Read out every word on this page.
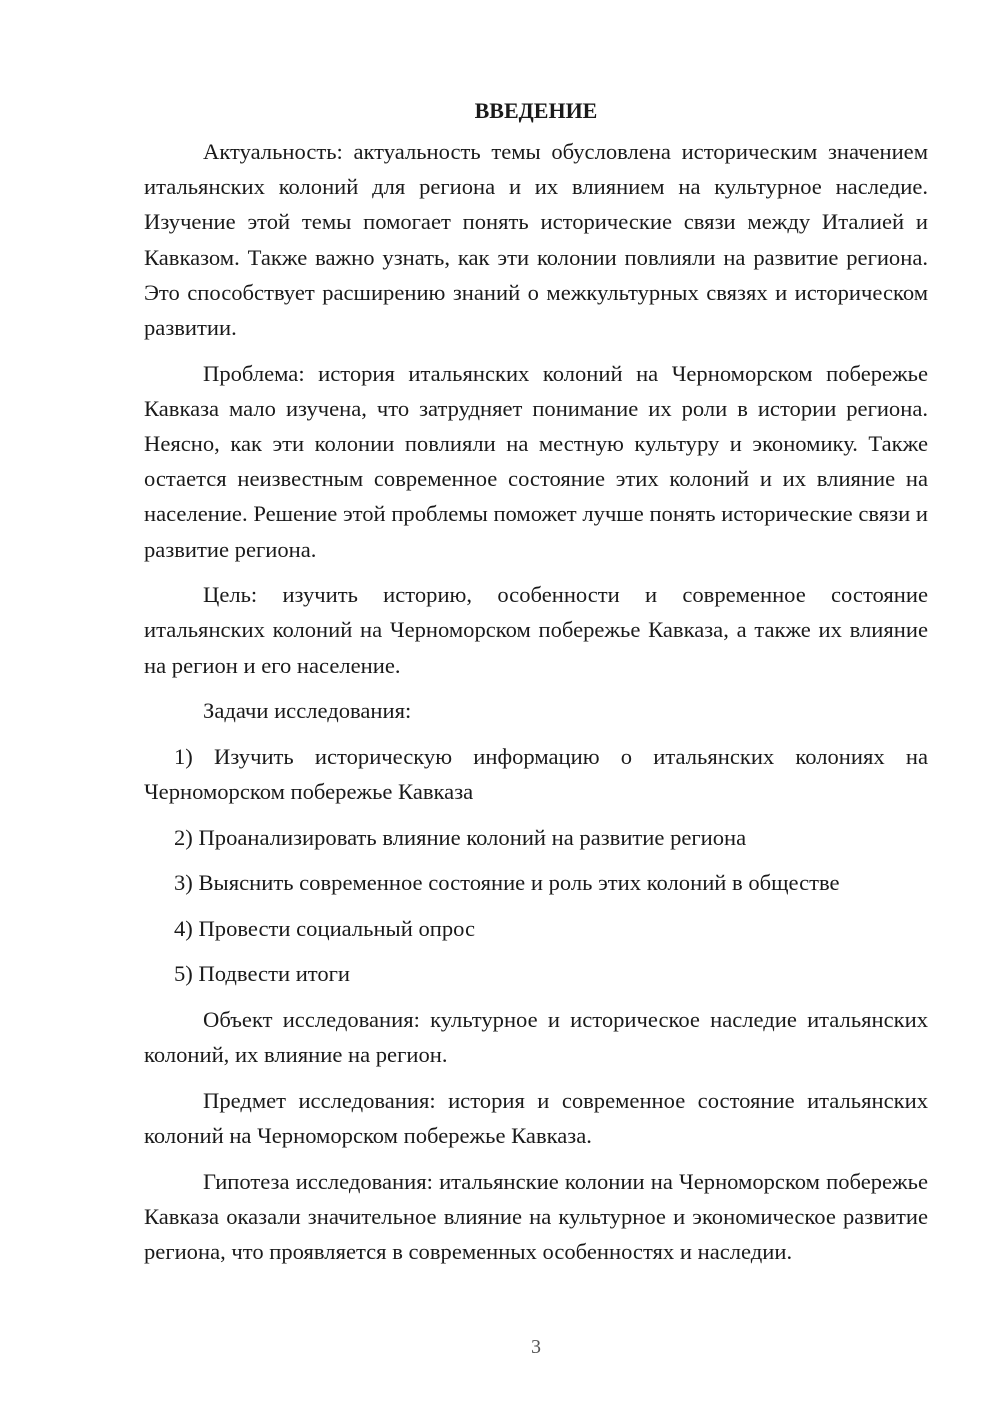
ВВЕДЕНИЕ

Актуальность: актуальность темы обусловлена историческим значением итальянских колоний для региона и их влиянием на культурное наследие. Изучение этой темы помогает понять исторические связи между Италией и Кавказом. Также важно узнать, как эти колонии повлияли на развитие региона. Это способствует расширению знаний о межкультурных связях и историческом развитии.

Проблема: история итальянских колоний на Черноморском побережье Кавказа мало изучена, что затрудняет понимание их роли в истории региона. Неясно, как эти колонии повлияли на местную культуру и экономику. Также остается неизвестным современное состояние этих колоний и их влияние на население. Решение этой проблемы поможет лучше понять исторические связи и развитие региона.

Цель: изучить историю, особенности и современное состояние итальянских колоний на Черноморском побережье Кавказа, а также их влияние на регион и его население.

Задачи исследования:

1) Изучить историческую информацию о итальянских колониях на Черноморском побережье Кавказа

2) Проанализировать влияние колоний на развитие региона

3) Выяснить современное состояние и роль этих колоний в обществе

4) Провести социальный опрос

5) Подвести итоги

Объект исследования: культурное и историческое наследие итальянских колоний, их влияние на регион.

Предмет исследования: история и современное состояние итальянских колоний на Черноморском побережье Кавказа.

Гипотеза исследования: итальянские колонии на Черноморском побережье Кавказа оказали значительное влияние на культурное и экономическое развитие региона, что проявляется в современных особенностях и наследии.

3
